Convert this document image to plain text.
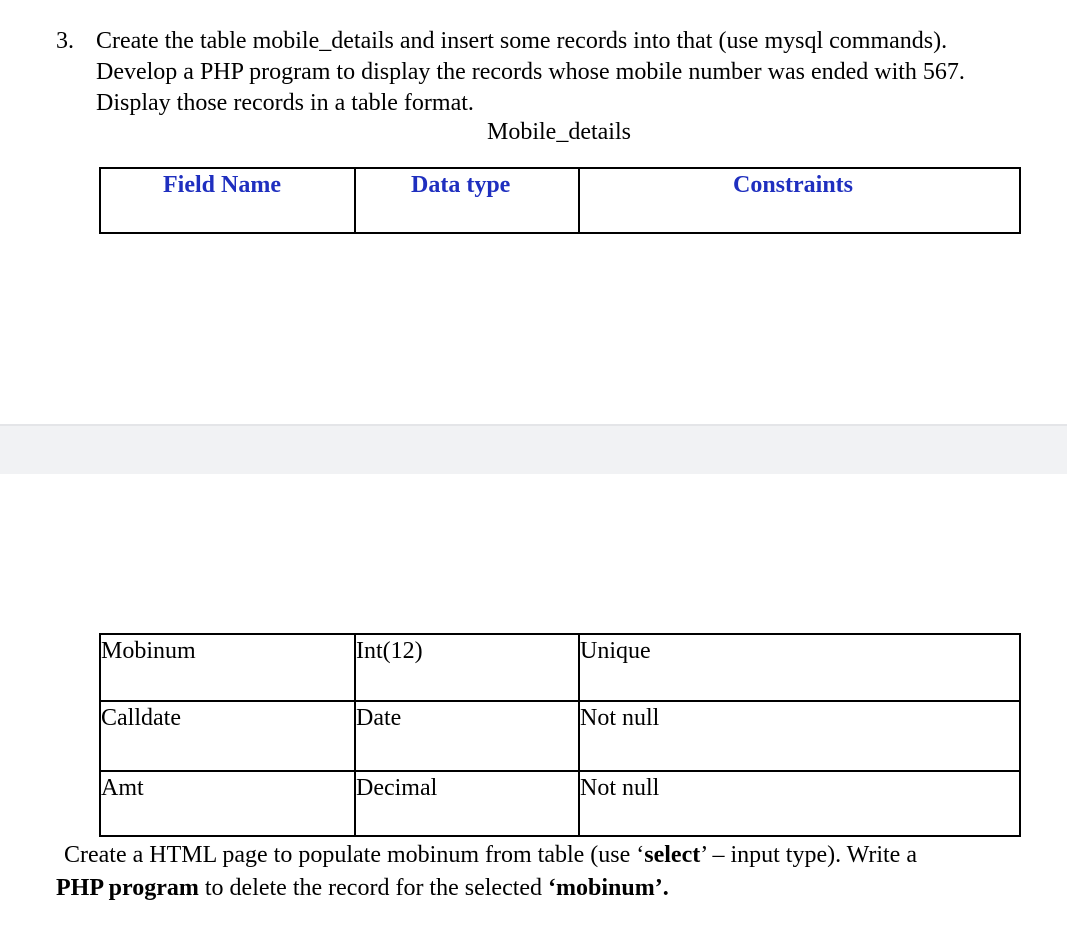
3. Create the table mobile_details and insert some records into that (use mysql commands).
Develop a PHP program to display the records whose mobile number was ended with 567.
Display those records in a table format.
Mobile_details
Field Name	Data type	Constraints
Mobinum	Int(12)	Unique
Calldate	Date	Not null
Amt	Decimal	Not null
Create a HTML page to populate mobinum from table (use ‘select’ – input type). Write a
PHP program to delete the record for the selected ‘mobinum’.
